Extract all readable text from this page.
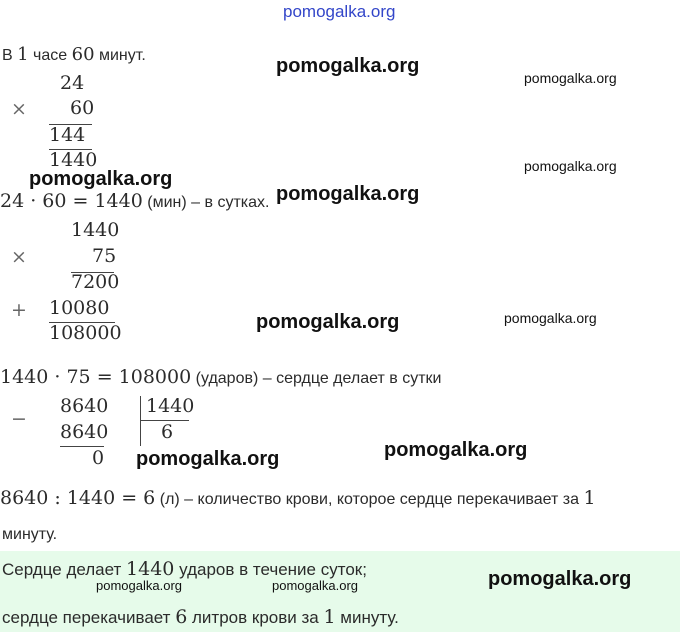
pomogalka.org
В 1 часе 60 минут.
24
× 60
144
1440
24 · 60 = 1440 (мин) – в сутках.
1440
×	75
7200
+ 10080
108000
1440 · 75 = 108000 (ударов) – сердце делает в сутки
−
8640
8640
0
1440
6
8640 : 1440 = 6 (л) – количество крови, которое сердце перекачивает за 1
минуту.
Сердце делает 1440 ударов в течение суток;
сердце перекачивает 6 литров крови за 1 минуту.
pomogalka.org
pomogalka.org
pomogalka.org
pomogalka.org
pomogalka.org
pomogalka.org	pomogalka.org
pomogalka.org
pomogalka.org
pomogalka.org
pomogalka.org	pomogalka.org
